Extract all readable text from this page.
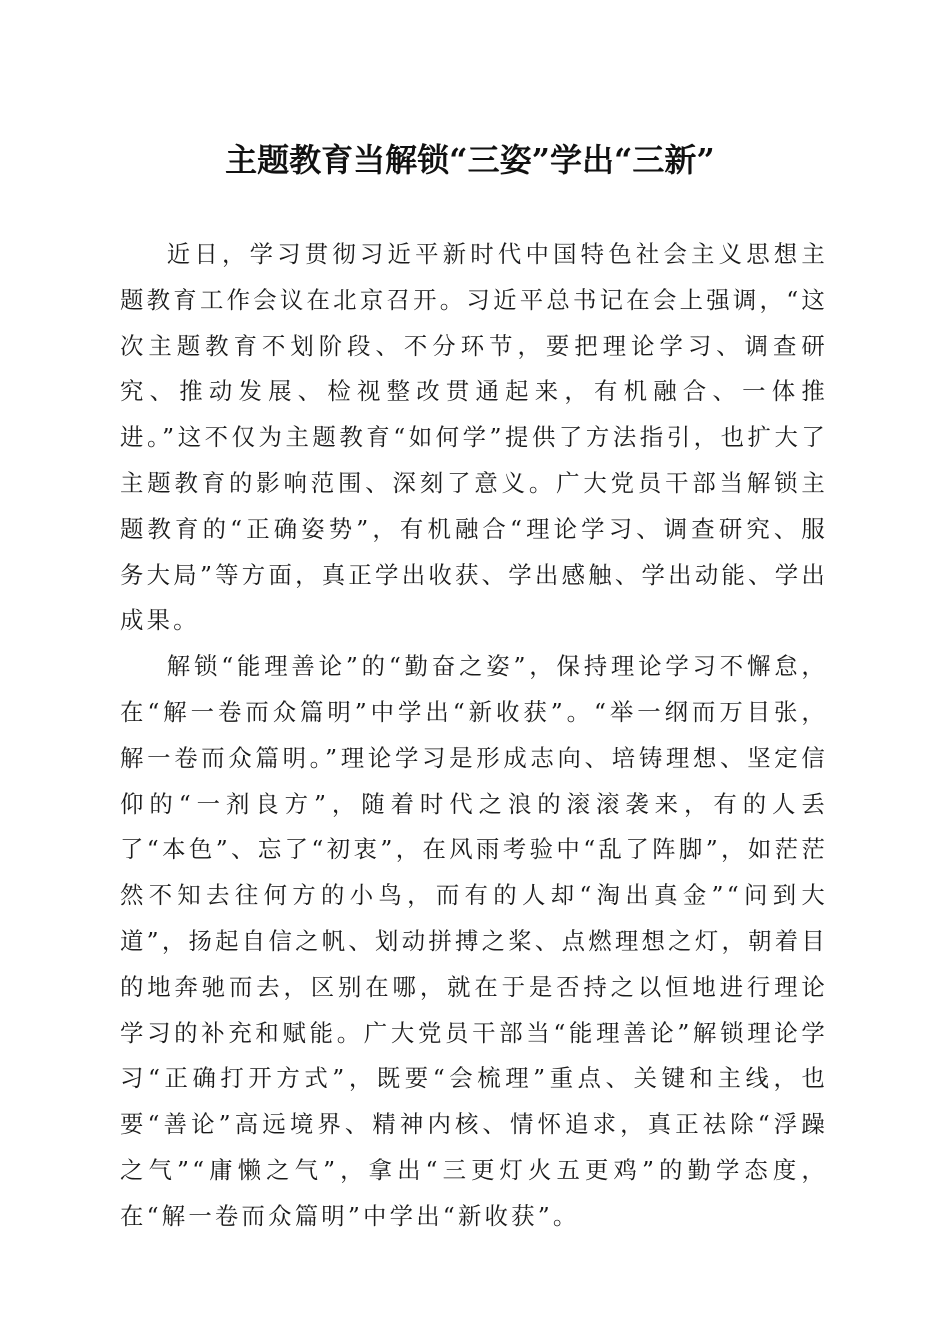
主题教育当解锁“三姿”学出“三新”

近日，学习贯彻习近平新时代中国特色社会主义思想主题教育工作会议在北京召开。习近平总书记在会上强调，“这次主题教育不划阶段、不分环节，要把理论学习、调查研究、推动发展、检视整改贯通起来，有机融合、一体推进。”这不仅为主题教育“如何学”提供了方法指引，也扩大了主题教育的影响范围、深刻了意义。广大党员干部当解锁主题教育的“正确姿势”，有机融合“理论学习、调查研究、服务大局”等方面，真正学出收获、学出感触、学出动能、学出成果。

解锁“能理善论”的“勤奋之姿”，保持理论学习不懈怠，在“解一卷而众篇明”中学出“新收获”。“举一纲而万目张，解一卷而众篇明。”理论学习是形成志向、培铸理想、坚定信仰的“一剂良方”，随着时代之浪的滚滚袭来，有的人丢了“本色”、忘了“初衷”，在风雨考验中“乱了阵脚”，如茫茫然不知去往何方的小鸟，而有的人却“淘出真金”“问到大道”，扬起自信之帆、划动拼搏之桨、点燃理想之灯，朝着目的地奔驰而去，区别在哪，就在于是否持之以恒地进行理论学习的补充和赋能。广大党员干部当“能理善论”解锁理论学习“正确打开方式”，既要“会梳理”重点、关键和主线，也要“善论”高远境界、精神内核、情怀追求，真正祛除“浮躁之气”“庸懒之气”，拿出“三更灯火五更鸡”的勤学态度，在“解一卷而众篇明”中学出“新收获”。
